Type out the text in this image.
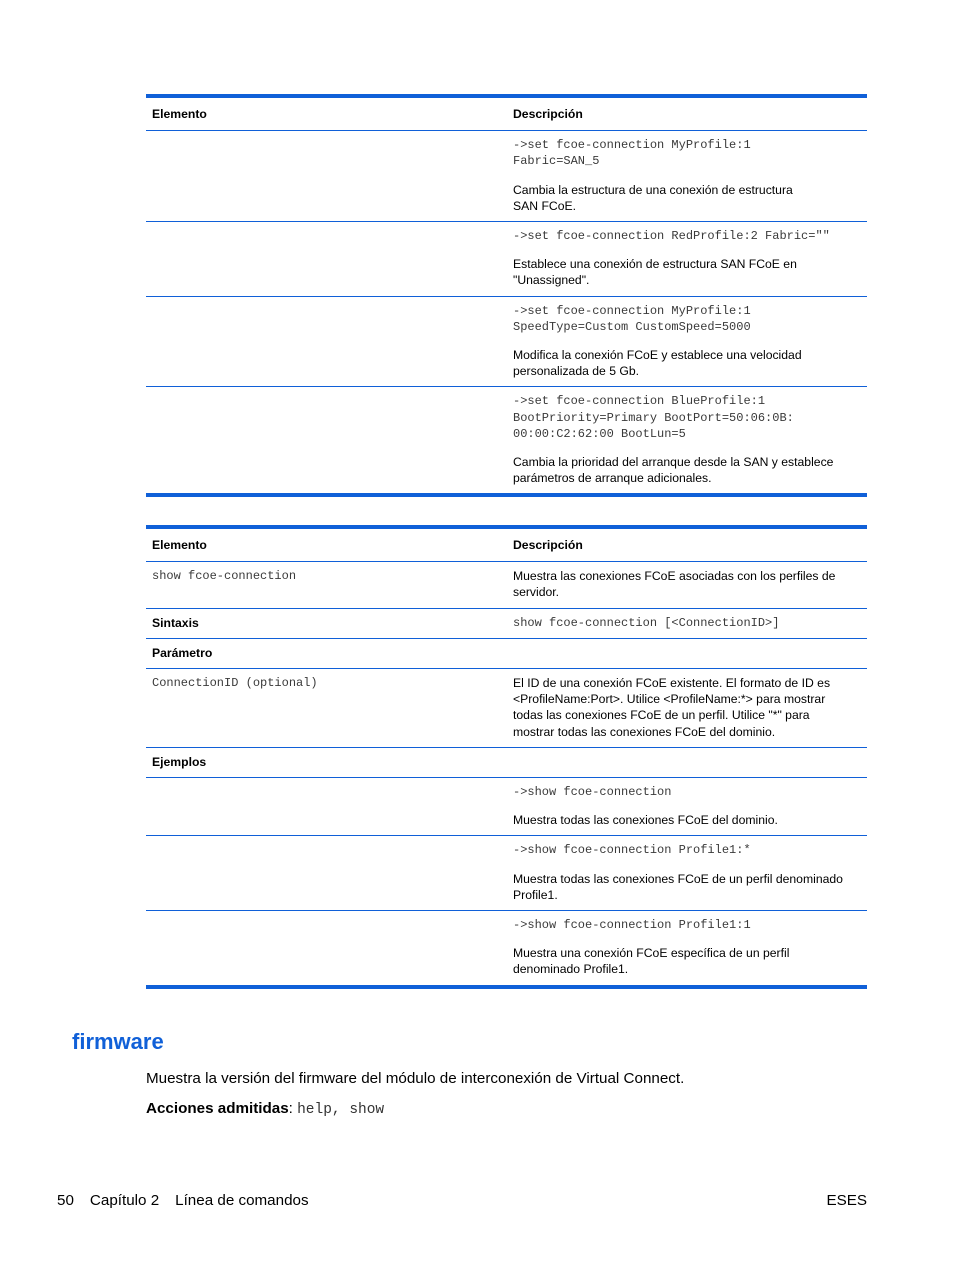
Elemento	Descripción

	->set fcoe-connection MyProfile:1
Fabric=SAN_5
Cambia la estructura de una conexión de estructura
SAN FCoE.

	->set fcoe-connection RedProfile:2 Fabric=""
Establece una conexión de estructura SAN FCoE en
"Unassigned".

	->set fcoe-connection MyProfile:1
SpeedType=Custom CustomSpeed=5000
Modifica la conexión FCoE y establece una velocidad
personalizada de 5 Gb.

	->set fcoe-connection BlueProfile:1
BootPriority=Primary BootPort=50:06:0B:
00:00:C2:62:00 BootLun=5
Cambia la prioridad del arranque desde la SAN y establece
parámetros de arranque adicionales.
Elemento	Descripción
show fcoe-connection	Muestra las conexiones FCoE asociadas con los perfiles de
servidor.
Sintaxis	show fcoe-connection [<ConnectionID>]
Parámetro	
ConnectionID (optional)	El ID de una conexión FCoE existente. El formato de ID es
<ProfileName:Port>. Utilice <ProfileName:*> para mostrar
todas las conexiones FCoE de un perfil. Utilice "*" para
mostrar todas las conexiones FCoE del dominio.
Ejemplos	

	->show fcoe-connection
Muestra todas las conexiones FCoE del dominio.

	->show fcoe-connection Profile1:*
Muestra todas las conexiones FCoE de un perfil denominado
Profile1.

	->show fcoe-connection Profile1:1
Muestra una conexión FCoE específica de un perfil
denominado Profile1.
firmware

Muestra la versión del firmware del módulo de interconexión de Virtual Connect.

Acciones admitidas: help, show

50 Capítulo 2 Línea de comandos	ESES
